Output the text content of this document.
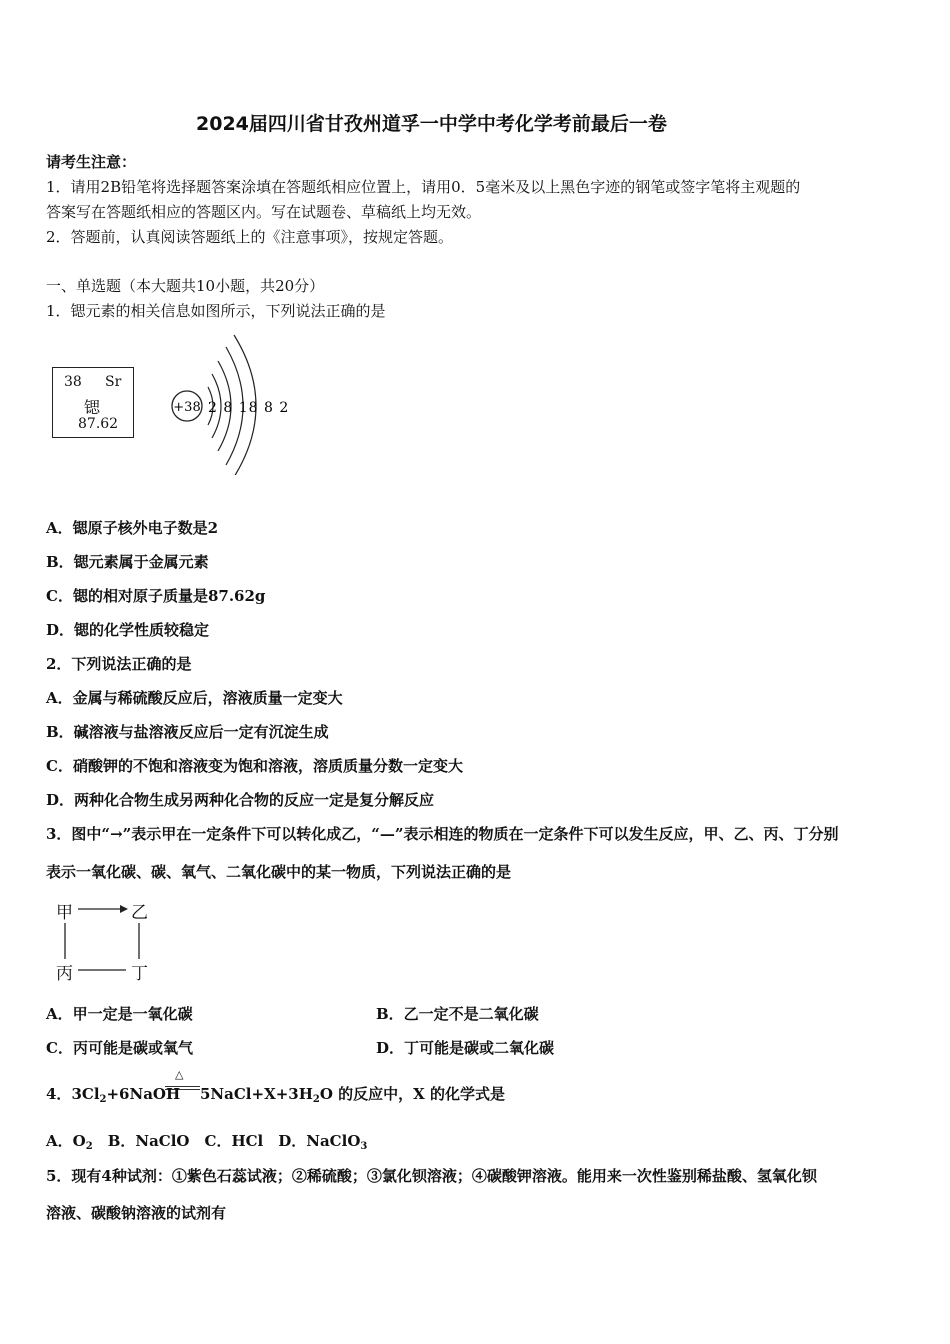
2024届四川省甘孜州道孚一中学中考化学考前最后一卷
请考生注意：
1．请用2B铅笔将选择题答案涂填在答题纸相应位置上，请用0．5毫米及以上黑色字迹的钢笔或签字笔将主观题的
答案写在答题纸相应的答题区内。写在试题卷、草稿纸上均无效。
2．答题前，认真阅读答题纸上的《注意事项》，按规定答题。
一、单选题（本大题共10小题，共20分）
1．锶元素的相关信息如图所示，下列说法正确的是
38 Sr
锶
87.62
+38 2 8 18 8 2
A．锶原子核外电子数是2
B．锶元素属于金属元素
C．锶的相对原子质量是87.62g
D．锶的化学性质较稳定
2．下列说法正确的是
A．金属与稀硫酸反应后，溶液质量一定变大
B．碱溶液与盐溶液反应后一定有沉淀生成
C．硝酸钾的不饱和溶液变为饱和溶液，溶质质量分数一定变大
D．两种化合物生成另两种化合物的反应一定是复分解反应
3．图中“→”表示甲在一定条件下可以转化成乙，“—”表示相连的物质在一定条件下可以发生反应，甲、乙、丙、丁分别
表示一氧化碳、碳、氧气、二氧化碳中的某一物质，下列说法正确的是
甲	乙
丙	丁
A．甲一定是一氧化碳	B．乙一定不是二氧化碳
C．丙可能是碳或氧气	D．丁可能是碳或二氧化碳
△
4．$3Cl_2+6NaOH$ $5NaCl+X+3H_2O$ 的反应中，X 的化学式是
A．$O_2$　B．NaClO　C．HCl　D．NaClO$_3$
5．现有4种试剂：①紫色石蕊试液；②稀硫酸；③氯化钡溶液；④碳酸钾溶液。能用来一次性鉴别稀盐酸、氢氧化钡
溶液、碳酸钠溶液的试剂有
